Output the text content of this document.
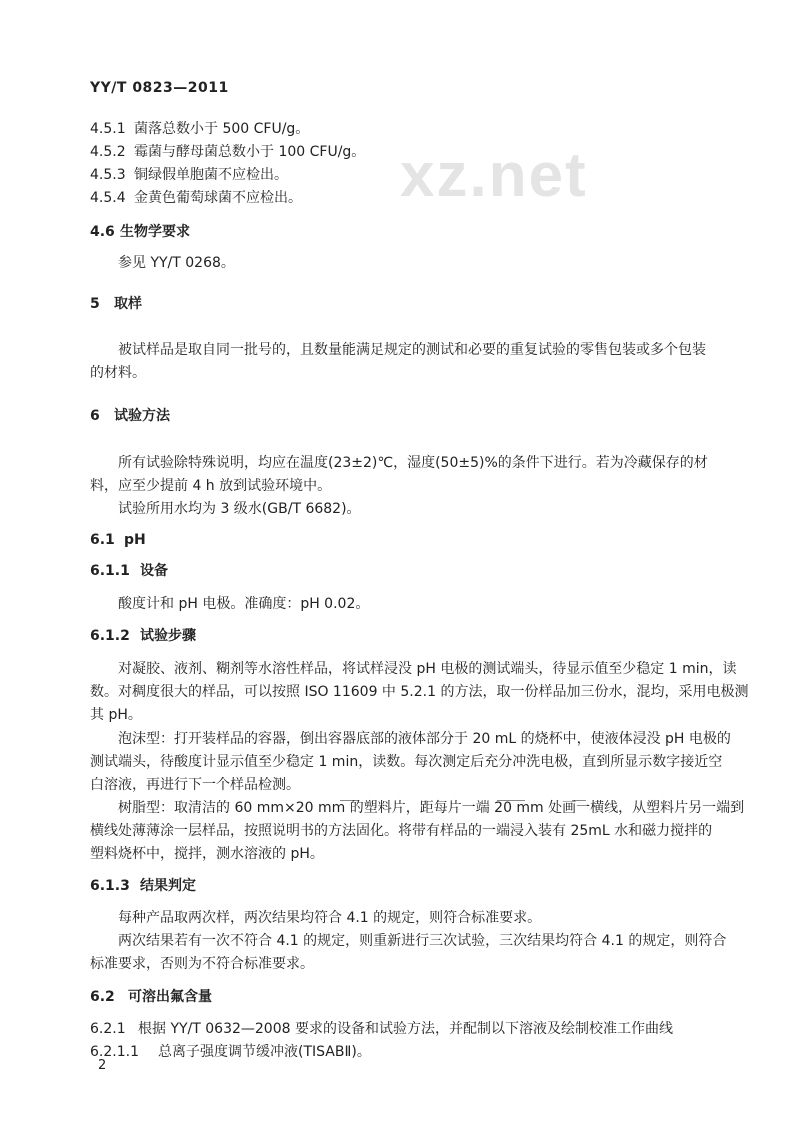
xz.net
YY/T 0823—2011
4.5.1 菌落总数小于 500 CFU/g。
4.5.2 霉菌与酵母菌总数小于 100 CFU/g。
4.5.3 铜绿假单胞菌不应检出。
4.5.4 金黄色葡萄球菌不应检出。
4.6 生物学要求
参见 YY/T 0268。
5 取样
被试样品是取自同一批号的，且数量能满足规定的测试和必要的重复试验的零售包装或多个包装
的材料。
6 试验方法
所有试验除特殊说明，均应在温度(23±2)℃，湿度(50±5)%的条件下进行。若为冷藏保存的材
料，应至少提前 4 h 放到试验环境中。
试验所用水均为 3 级水(GB/T 6682)。
6.1 pH
6.1.1 设备
酸度计和 pH 电极。准确度：pH 0.02。
6.1.2 试验步骤
对凝胶、液剂、糊剂等水溶性样品，将试样浸没 pH 电极的测试端头，待显示值至少稳定 1 min，读
数。对稠度很大的样品，可以按照 ISO 11609 中 5.2.1 的方法，取一份样品加三份水，混均，采用电极测
其 pH。
泡沫型：打开装样品的容器，倒出容器底部的液体部分于 20 mL 的烧杯中，使液体浸没 pH 电极的
测试端头，待酸度计显示值至少稳定 1 min，读数。每次测定后充分冲洗电极，直到所显示数字接近空
白溶液，再进行下一个样品检测。
树脂型：取清洁的 60 mm×20 mm 的塑料片，距每片一端 20 mm 处画一横线，从塑料片另一端到
横线处薄薄涂一层样品，按照说明书的方法固化。将带有样品的一端浸入装有 25mL 水和磁力搅拌的
塑料烧杯中，搅拌，测水溶液的 pH。
6.1.3 结果判定
每种产品取两次样，两次结果均符合 4.1 的规定，则符合标准要求。
两次结果若有一次不符合 4.1 的规定，则重新进行三次试验，三次结果均符合 4.1 的规定，则符合
标准要求，否则为不符合标准要求。
6.2 可溶出氟含量
6.2.1 根据 YY/T 0632—2008 要求的设备和试验方法，并配制以下溶液及绘制校准工作曲线
6.2.1.1 总离子强度调节缓冲液(TISABⅡ)。
2
